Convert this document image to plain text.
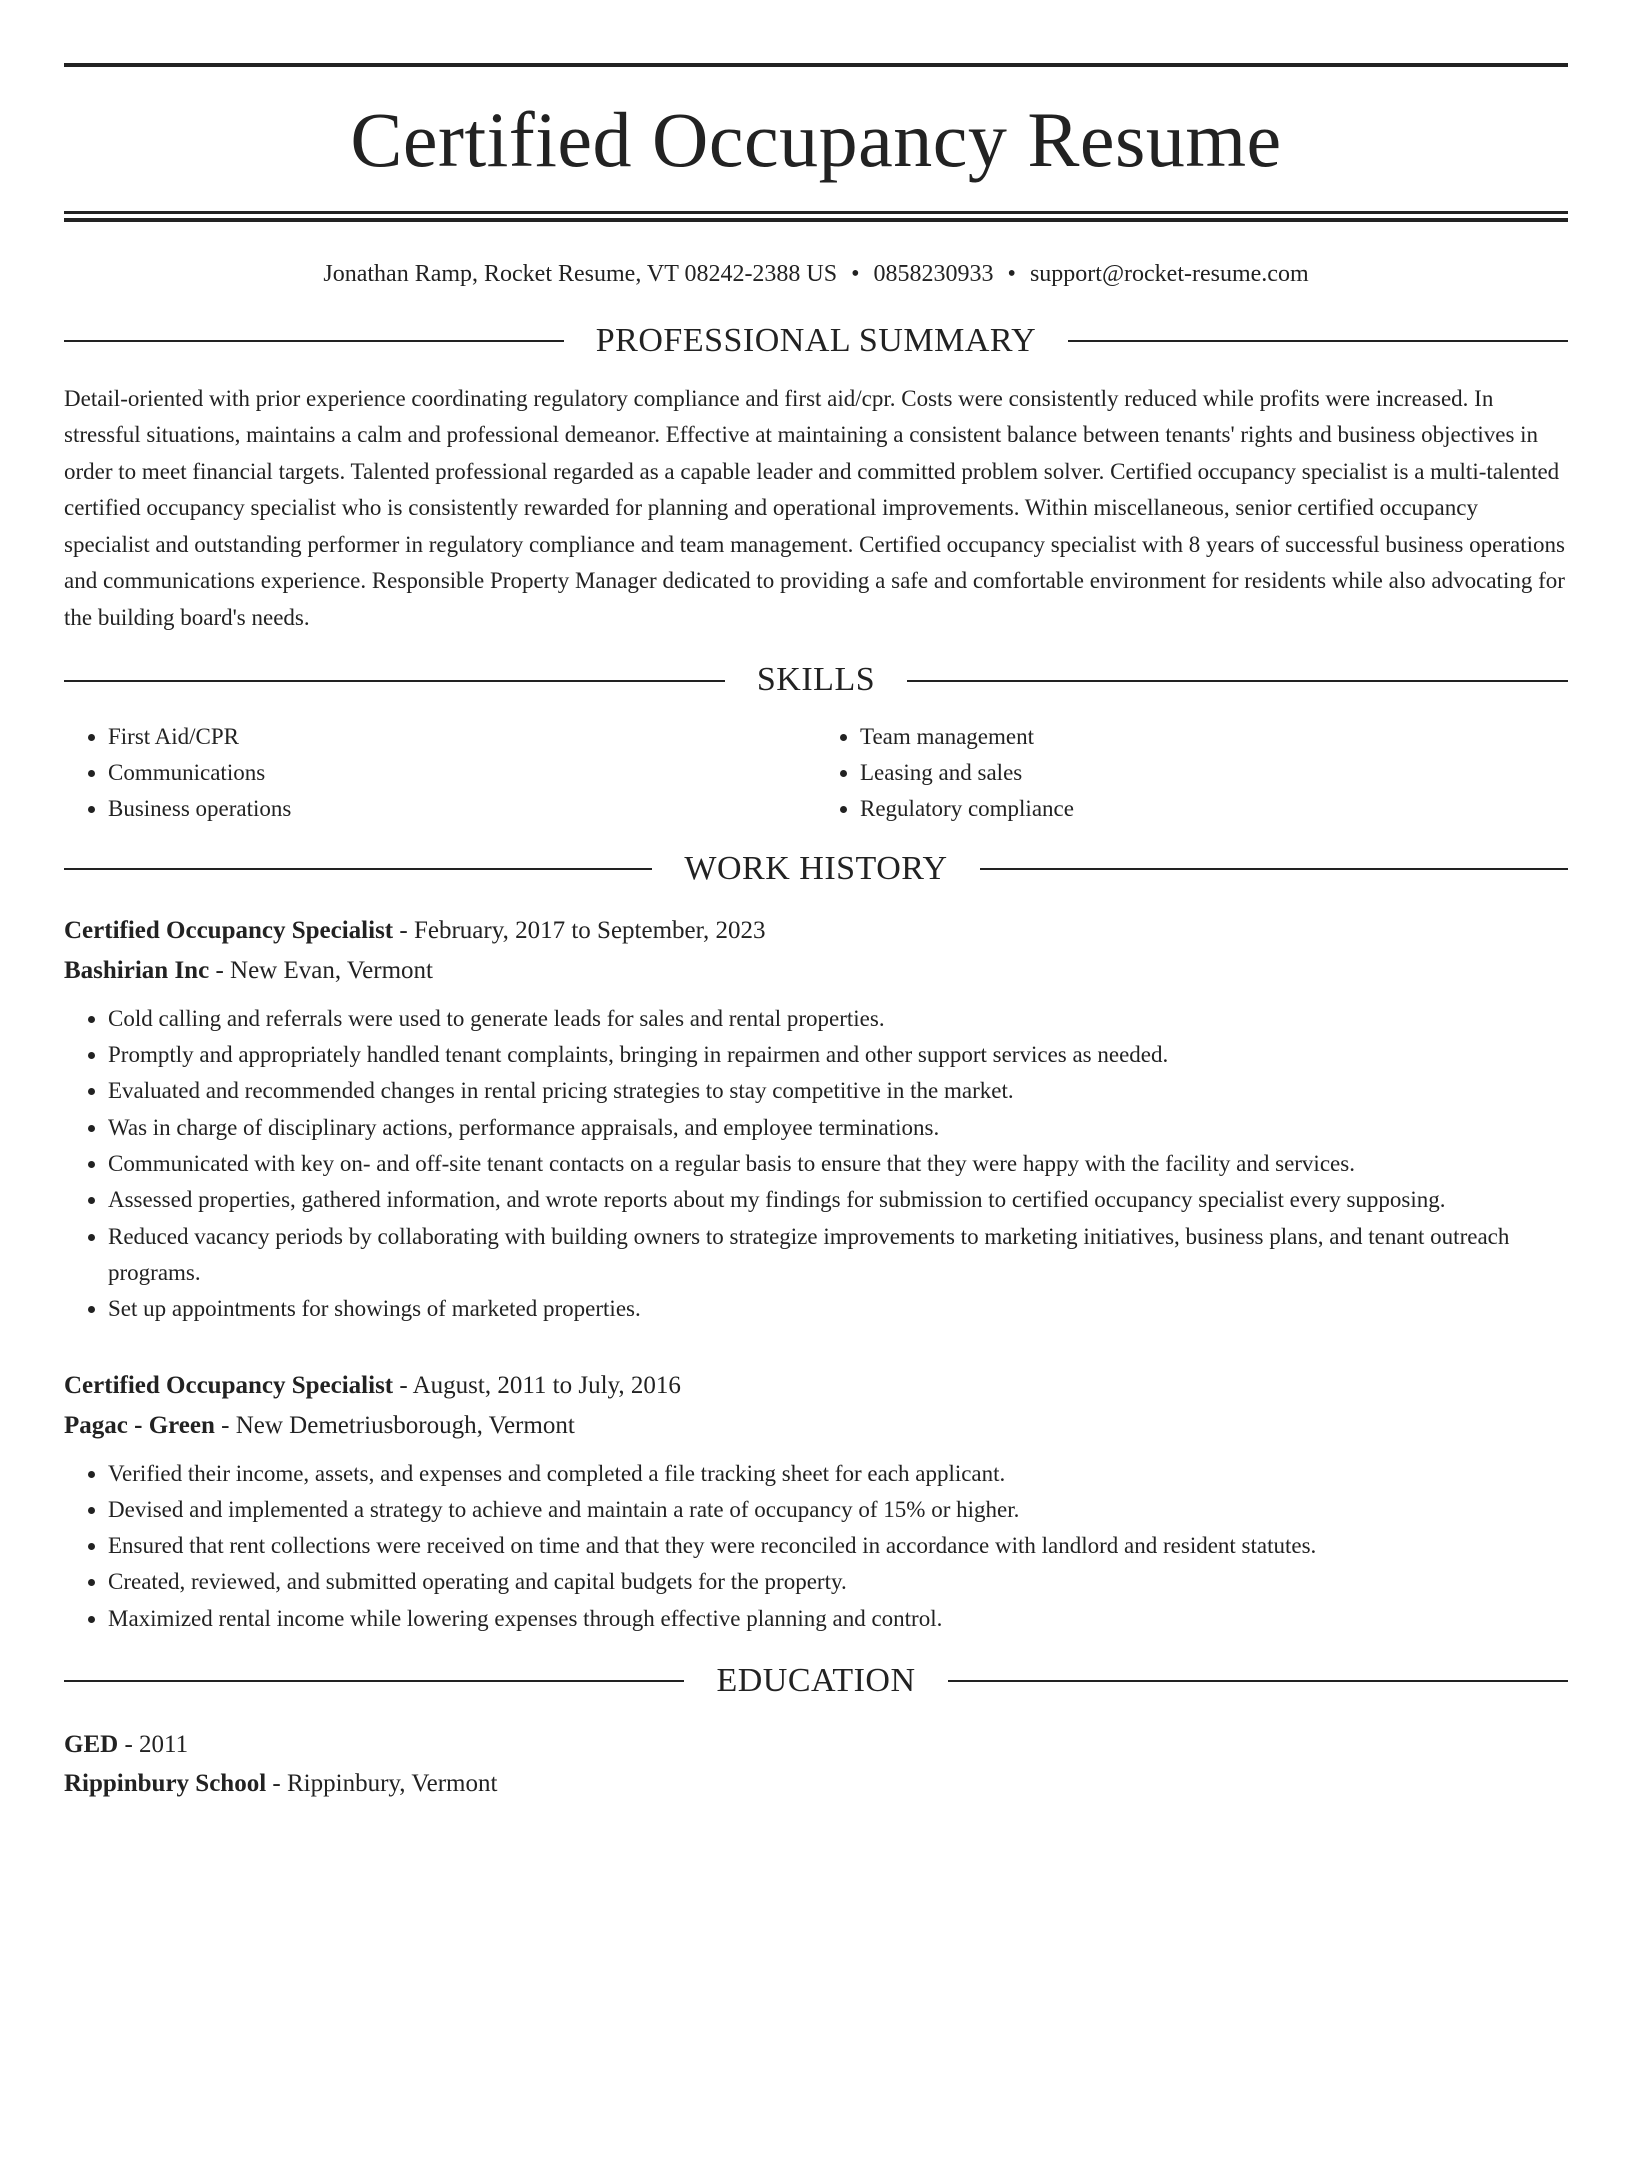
Certified Occupancy Resume
Jonathan Ramp, Rocket Resume, VT 08242-2388 US • 0858230933 • support@rocket-resume.com
PROFESSIONAL SUMMARY
Detail-oriented with prior experience coordinating regulatory compliance and first aid/cpr. Costs were consistently reduced while profits were increased. In stressful situations, maintains a calm and professional demeanor. Effective at maintaining a consistent balance between tenants' rights and business objectives in order to meet financial targets. Talented professional regarded as a capable leader and committed problem solver. Certified occupancy specialist is a multi-talented certified occupancy specialist who is consistently rewarded for planning and operational improvements. Within miscellaneous, senior certified occupancy specialist and outstanding performer in regulatory compliance and team management. Certified occupancy specialist with 8 years of successful business operations and communications experience. Responsible Property Manager dedicated to providing a safe and comfortable environment for residents while also advocating for the building board's needs.
SKILLS
• First Aid/CPR
• Communications
• Business operations
• Team management
• Leasing and sales
• Regulatory compliance
WORK HISTORY
Certified Occupancy Specialist - February, 2017 to September, 2023
Bashirian Inc - New Evan, Vermont
• Cold calling and referrals were used to generate leads for sales and rental properties.
• Promptly and appropriately handled tenant complaints, bringing in repairmen and other support services as needed.
• Evaluated and recommended changes in rental pricing strategies to stay competitive in the market.
• Was in charge of disciplinary actions, performance appraisals, and employee terminations.
• Communicated with key on- and off-site tenant contacts on a regular basis to ensure that they were happy with the facility and services.
• Assessed properties, gathered information, and wrote reports about my findings for submission to certified occupancy specialist every supposing.
• Reduced vacancy periods by collaborating with building owners to strategize improvements to marketing initiatives, business plans, and tenant outreach programs.
• Set up appointments for showings of marketed properties.
Certified Occupancy Specialist - August, 2011 to July, 2016
Pagac - Green - New Demetriusborough, Vermont
• Verified their income, assets, and expenses and completed a file tracking sheet for each applicant.
• Devised and implemented a strategy to achieve and maintain a rate of occupancy of 15% or higher.
• Ensured that rent collections were received on time and that they were reconciled in accordance with landlord and resident statutes.
• Created, reviewed, and submitted operating and capital budgets for the property.
• Maximized rental income while lowering expenses through effective planning and control.
EDUCATION
GED - 2011
Rippinbury School - Rippinbury, Vermont
